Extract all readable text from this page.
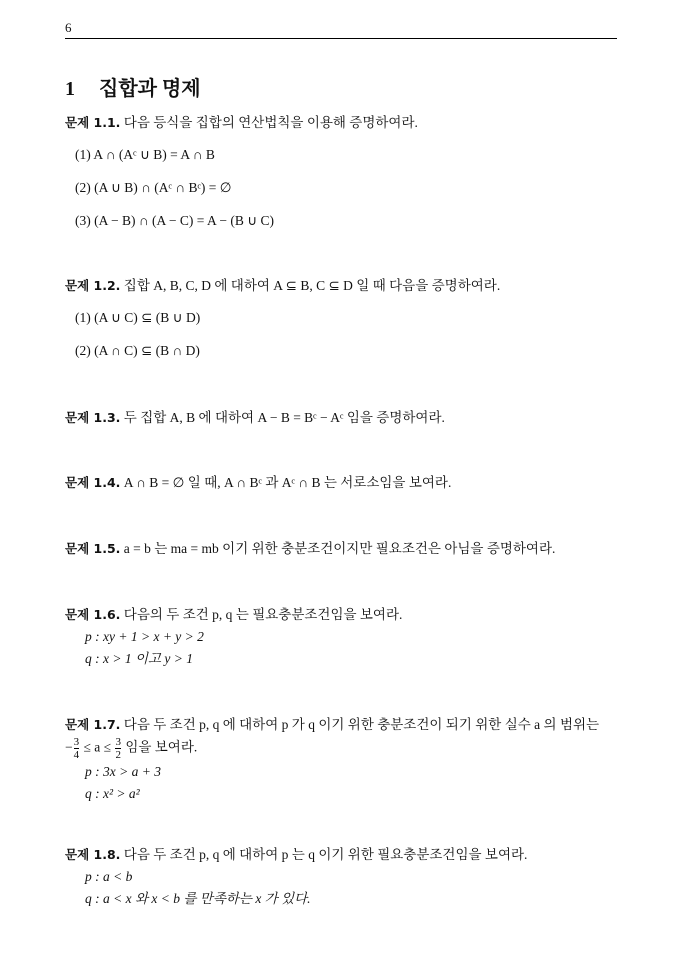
6
1 집합과 명제
문제 1.1. 다음 등식을 집합의 연산법칙을 이용해 증명하여라.
(1) A ∩ (Aᶜ ∪ B) = A ∩ B
(2) (A ∪ B) ∩ (Aᶜ ∩ Bᶜ) = ∅
(3) (A − B) ∩ (A − C) = A − (B ∪ C)
문제 1.2. 집합 A, B, C, D 에 대하여 A ⊆ B, C ⊆ D 일 때 다음을 증명하여라.
(1) (A ∪ C) ⊆ (B ∪ D)
(2) (A ∩ C) ⊆ (B ∩ D)
문제 1.3. 두 집합 A, B 에 대하여 A − B = Bᶜ − Aᶜ 임을 증명하여라.
문제 1.4. A ∩ B = ∅ 일 때, A ∩ Bᶜ 과 Aᶜ ∩ B 는 서로소임을 보여라.
문제 1.5. a = b 는 ma = mb 이기 위한 충분조건이지만 필요조건은 아님을 증명하여라.
문제 1.6. 다음의 두 조건 p, q 는 필요충분조건임을 보여라.
p : xy + 1 > x + y > 2
q : x > 1 이고 y > 1
문제 1.7. 다음 두 조건 p, q 에 대하여 p 가 q 이기 위한 충분조건이 되기 위한 실수 a 의 범위는
− $\frac{3}{4} \le a \le \frac{3}{2}$ 임을 보여라.
p : 3x > a + 3
q : x² > a²
문제 1.8. 다음 두 조건 p, q 에 대하여 p 는 q 이기 위한 필요충분조건임을 보여라.
p : a < b
q : a < x 와 x < b 를 만족하는 x 가 있다.
